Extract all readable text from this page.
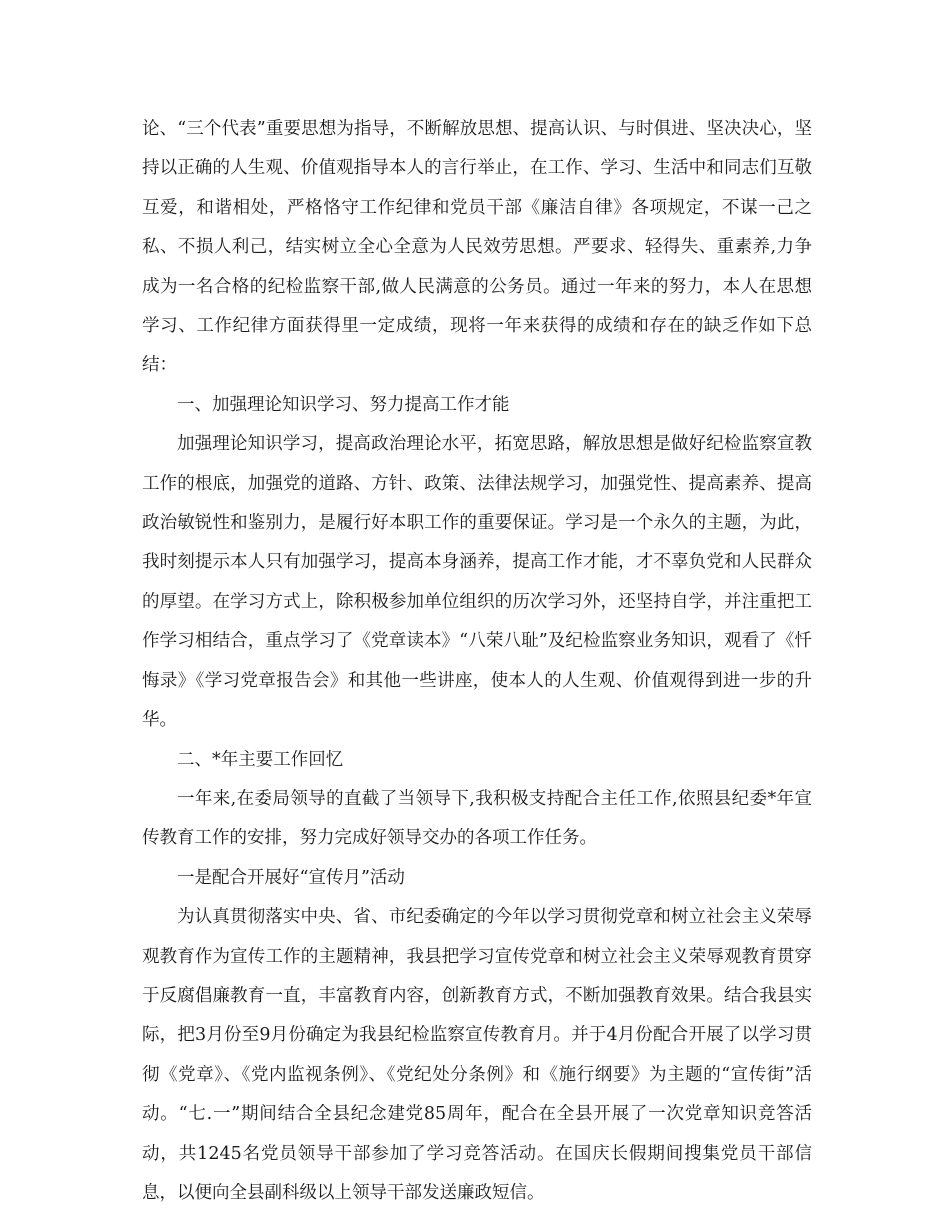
论、“三个代表”重要思想为指导，不断解放思想、提高认识、与时俱进、坚决决心，坚持以正确的人生观、价值观指导本人的言行举止，在工作、学习、生活中和同志们互敬互爱，和谐相处，严格恪守工作纪律和党员干部《廉洁自律》各项规定，不谋一己之私、不损人利己，结实树立全心全意为人民效劳思想。严要求、轻得失、重素养,力争成为一名合格的纪检监察干部,做人民满意的公务员。通过一年来的努力，本人在思想学习、工作纪律方面获得里一定成绩，现将一年来获得的成绩和存在的缺乏作如下总结：

一、加强理论知识学习、努力提高工作才能

加强理论知识学习，提高政治理论水平，拓宽思路，解放思想是做好纪检监察宣教工作的根底，加强党的道路、方针、政策、法律法规学习，加强党性、提高素养、提高政治敏锐性和鉴别力，是履行好本职工作的重要保证。学习是一个永久的主题，为此，我时刻提示本人只有加强学习，提高本身涵养，提高工作才能，才不辜负党和人民群众的厚望。在学习方式上，除积极参加单位组织的历次学习外，还坚持自学，并注重把工作学习相结合，重点学习了《党章读本》“八荣八耻”及纪检监察业务知识，观看了《忏悔录》《学习党章报告会》和其他一些讲座，使本人的人生观、价值观得到进一步的升华。

二、*年主要工作回忆

一年来,在委局领导的直截了当领导下,我积极支持配合主任工作,依照县纪委*年宣传教育工作的安排，努力完成好领导交办的各项工作任务。

一是配合开展好“宣传月”活动

为认真贯彻落实中央、省、市纪委确定的今年以学习贯彻党章和树立社会主义荣辱观教育作为宣传工作的主题精神，我县把学习宣传党章和树立社会主义荣辱观教育贯穿于反腐倡廉教育一直，丰富教育内容，创新教育方式，不断加强教育效果。结合我县实际，把3月份至9月份确定为我县纪检监察宣传教育月。并于4月份配合开展了以学习贯彻《党章》、《党内监视条例》、《党纪处分条例》和《施行纲要》为主题的“宣传街”活动。“七.一”期间结合全县纪念建党85周年，配合在全县开展了一次党章知识竞答活动，共1245名党员领导干部参加了学习竞答活动。在国庆长假期间搜集党员干部信息，以便向全县副科级以上领导干部发送廉政短信。
